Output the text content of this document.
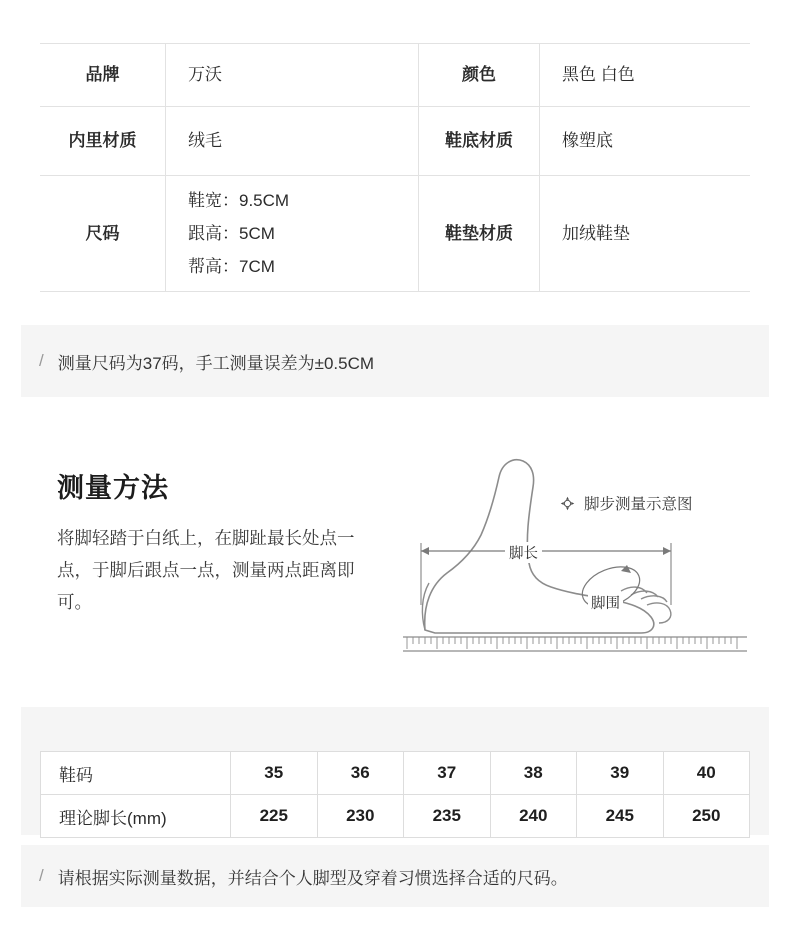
品牌	万沃	颜色	黑色 白色
内里材质	绒毛	鞋底材质	橡塑底
尺码	鞋宽：9.5CM
跟高：5CM
帮高：7CM	鞋垫材质	加绒鞋垫
/ 测量尺码为37码，手工测量误差为±0.5CM
测量方法
将脚轻踏于白纸上，在脚趾最长处点一点，于脚后跟点一点，测量两点距离即可。
脚步测量示意图
脚长
脚围
鞋码	35	36	37	38	39	40
理论脚长(mm)	225	230	235	240	245	250
/ 请根据实际测量数据，并结合个人脚型及穿着习惯选择合适的尺码。
